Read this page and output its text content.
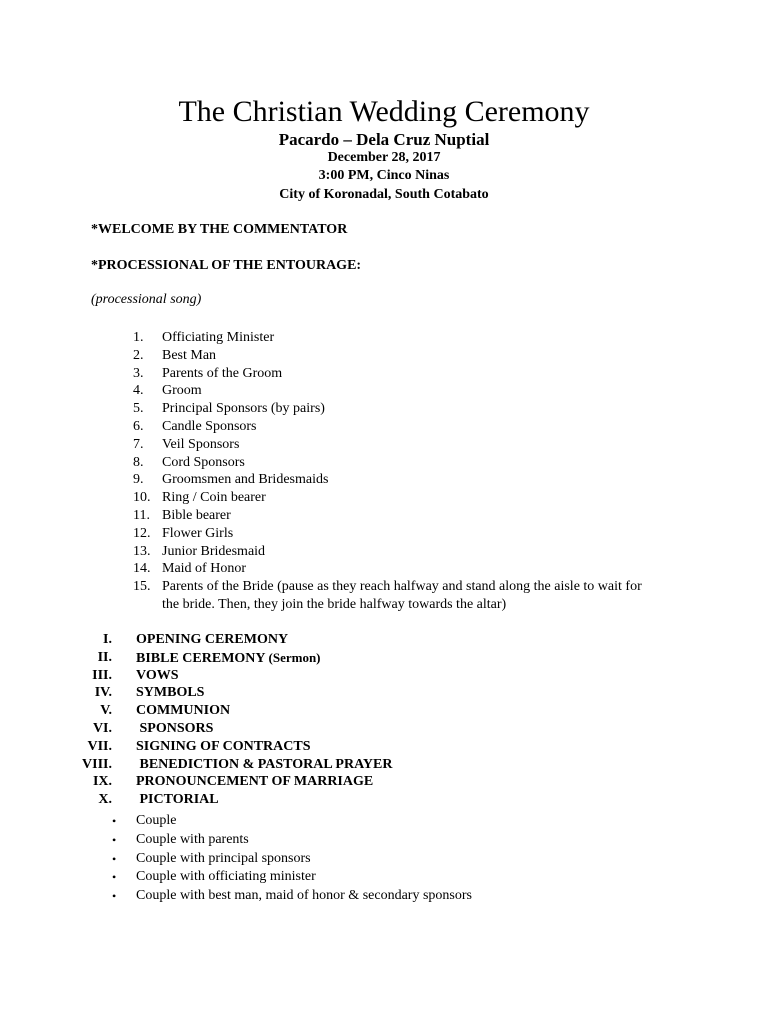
The Christian Wedding Ceremony
Pacardo – Dela Cruz Nuptial
December 28, 2017
3:00 PM, Cinco Ninas
City of Koronadal, South Cotabato
*WELCOME BY THE COMMENTATOR
*PROCESSIONAL OF THE ENTOURAGE:
(processional song)
1. Officiating Minister
2. Best Man
3. Parents of the Groom
4. Groom
5. Principal Sponsors (by pairs)
6. Candle Sponsors
7. Veil Sponsors
8. Cord Sponsors
9. Groomsmen and Bridesmaids
10. Ring / Coin bearer
11. Bible bearer
12. Flower Girls
13. Junior Bridesmaid
14. Maid of Honor
15. Parents of the Bride (pause as they reach halfway and stand along the aisle to wait for the bride. Then, they join the bride halfway towards the altar)
I. OPENING CEREMONY
II. BIBLE CEREMONY (Sermon)
III. VOWS
IV. SYMBOLS
V. COMMUNION
VI. SPONSORS
VII. SIGNING OF CONTRACTS
VIII. BENEDICTION & PASTORAL PRAYER
IX. PRONOUNCEMENT OF MARRIAGE
X. PICTORIAL
• Couple
• Couple with parents
• Couple with principal sponsors
• Couple with officiating minister
• Couple with best man, maid of honor & secondary sponsors
